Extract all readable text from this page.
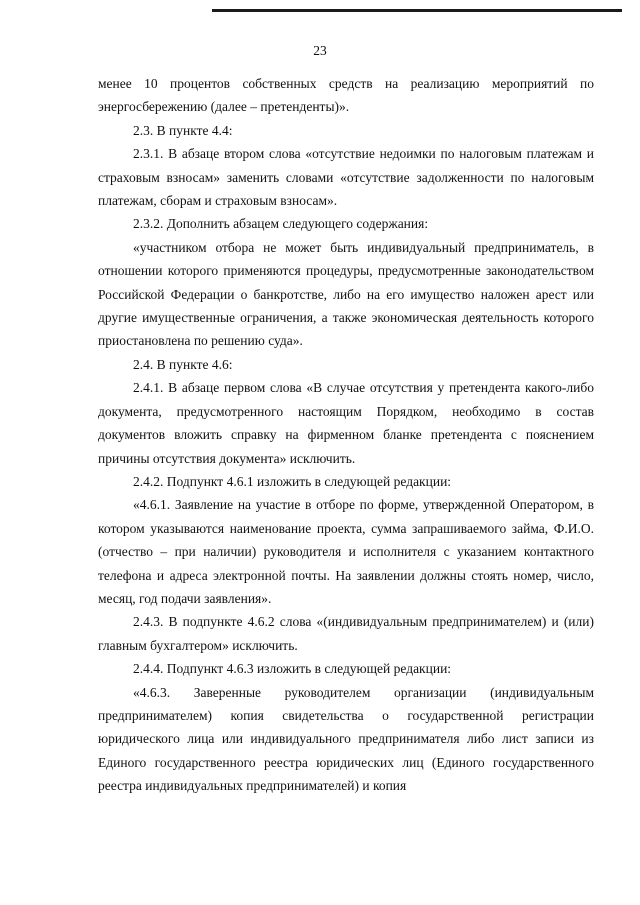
23

менее 10 процентов собственных средств на реализацию мероприятий по энергосбережению (далее – претенденты)».

2.3. В пункте 4.4:

2.3.1. В абзаце втором слова «отсутствие недоимки по налоговым платежам и страховым взносам» заменить словами «отсутствие задолженности по налоговым платежам, сборам и страховым взносам».

2.3.2. Дополнить абзацем следующего содержания:

«участником отбора не может быть индивидуальный предприниматель, в отношении которого применяются процедуры, предусмотренные законодательством Российской Федерации о банкротстве, либо на его имущество наложен арест или другие имущественные ограничения, а также экономическая деятельность которого приостановлена по решению суда».

2.4. В пункте 4.6:

2.4.1. В абзаце первом слова «В случае отсутствия у претендента какого-либо документа, предусмотренного настоящим Порядком, необходимо в состав документов вложить справку на фирменном бланке претендента с пояснением причины отсутствия документа» исключить.

2.4.2. Подпункт 4.6.1 изложить в следующей редакции:

«4.6.1. Заявление на участие в отборе по форме, утвержденной Оператором, в котором указываются наименование проекта, сумма запрашиваемого займа, Ф.И.О. (отчество – при наличии) руководителя и исполнителя с указанием контактного телефона и адреса электронной почты. На заявлении должны стоять номер, число, месяц, год подачи заявления».

2.4.3. В подпункте 4.6.2 слова «(индивидуальным предпринимателем) и (или) главным бухгалтером» исключить.

2.4.4. Подпункт 4.6.3 изложить в следующей редакции:

«4.6.3. Заверенные руководителем организации (индивидуальным предпринимателем) копия свидетельства о государственной регистрации юридического лица или индивидуального предпринимателя либо лист записи из Единого государственного реестра юридических лиц (Единого государственного реестра индивидуальных предпринимателей) и копия
